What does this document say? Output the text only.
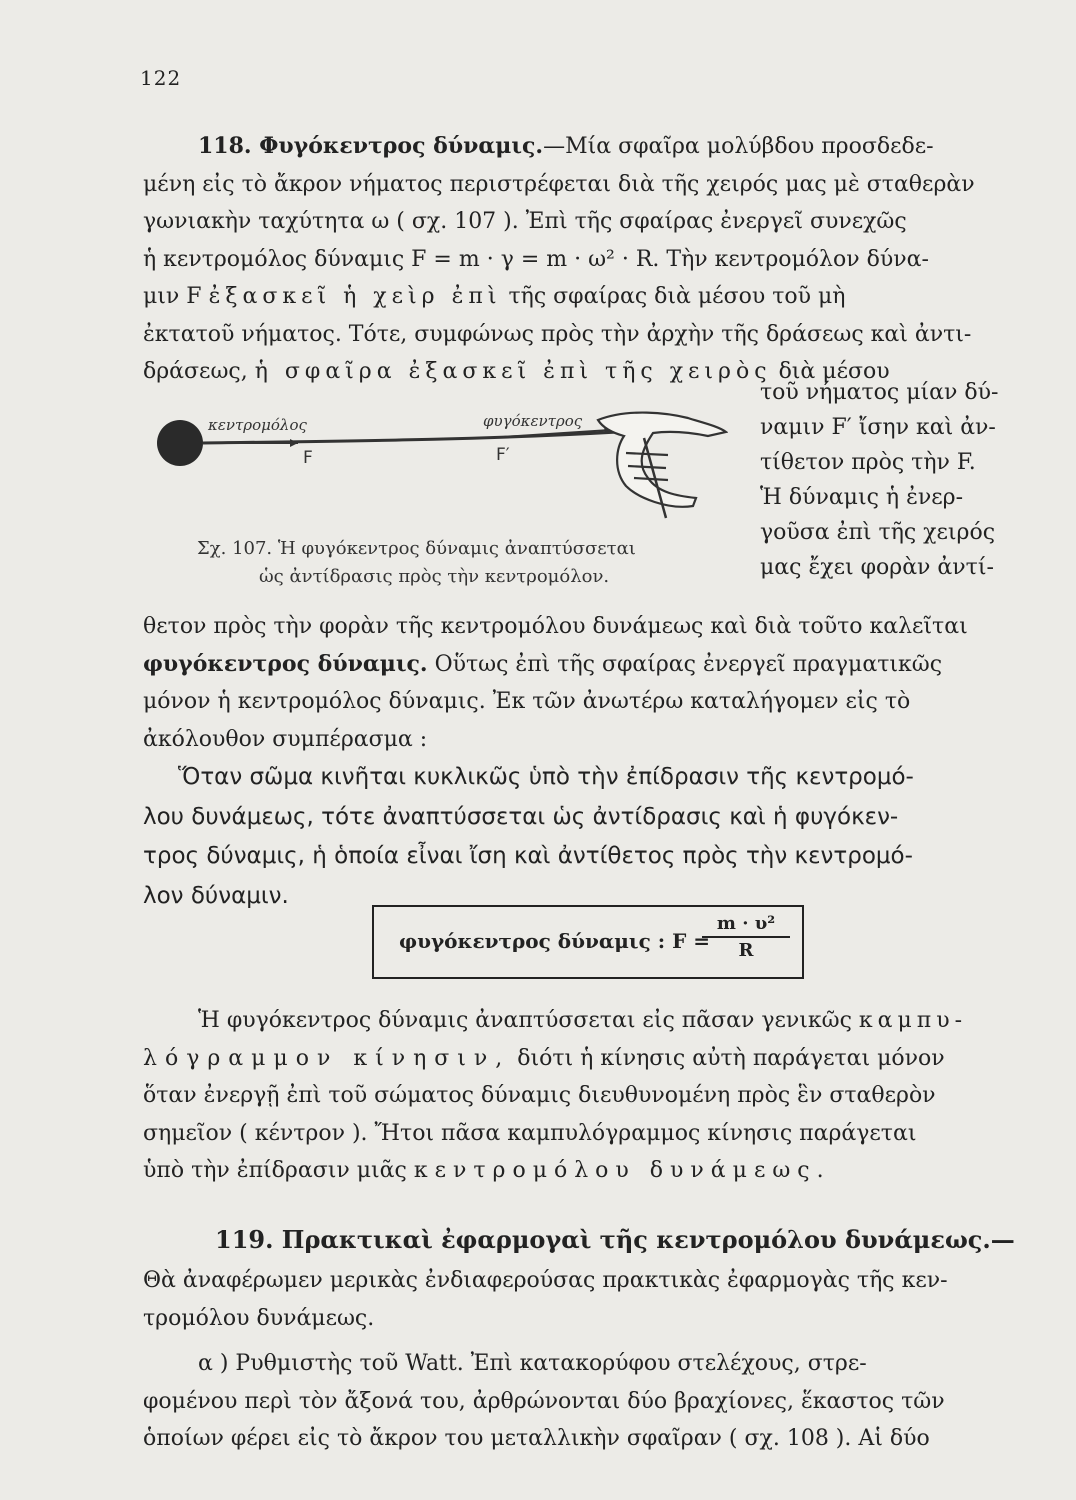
122
118. Φυγόκεντρος δύναμις.—Μία σφαῖρα μολύβδου προσδεδε-
μένη εἰς τὸ ἄκρον νήματος περιστρέφεται διὰ τῆς χειρός μας μὲ σταθερὰν
γωνιακὴν ταχύτητα ω ( σχ. 107 ). Ἐπὶ τῆς σφαίρας ἐνεργεῖ συνεχῶς
ἡ κεντρομόλος δύναμις F = m · γ = m · ω² · R. Τὴν κεντρομόλον δύνα-
μιν F ἐξασκεῖ ἡ χεὶρ ἐπὶ τῆς σφαίρας διὰ μέσου τοῦ μὴ
ἐκτατοῦ νήματος. Τότε, συμφώνως πρὸς τὴν ἀρχὴν τῆς δράσεως καὶ ἀντι-
δράσεως, ἡ σφαῖρα ἐξασκεῖ ἐπὶ τῆς χειρὸς διὰ μέσου
κεντρομόλος	φυγόκεντρος
F	F′
τοῦ νήματος μίαν δύ-
ναμιν F′ ἴσην καὶ ἀν-
τίθετον πρὸς τὴν F.
Ἡ δύναμις ἡ ἐνερ-
γοῦσα ἐπὶ τῆς χειρός
μας ἔχει φορὰν ἀντί-
Σχ. 107. Ἡ φυγόκεντρος δύναμις ἀναπτύσσεται
ὡς ἀντίδρασις πρὸς τὴν κεντρομόλον.
θετον πρὸς τὴν φορὰν τῆς κεντρομόλου δυνάμεως καὶ διὰ τοῦτο καλεῖται
φυγόκεντρος δύναμις. Οὕτως ἐπὶ τῆς σφαίρας ἐνεργεῖ πραγματικῶς
μόνον ἡ κεντρομόλος δύναμις. Ἐκ τῶν ἀνωτέρω καταλήγομεν εἰς τὸ
ἀκόλουθον συμπέρασμα :
Ὅταν σῶμα κινῆται κυκλικῶς ὑπὸ τὴν ἐπίδρασιν τῆς κεντρομό-
λου δυνάμεως, τότε ἀναπτύσσεται ὡς ἀντίδρασις καὶ ἡ φυγόκεν-
τρος δύναμις, ἡ ὁποία εἶναι ἴση καὶ ἀντίθετος πρὸς τὴν κεντρομό-
λον δύναμιν.
φυγόκεντρος δύναμις : F =
$\frac{\text{m · υ²}}{R}$
Ἡ φυγόκεντρος δύναμις ἀναπτύσσεται εἰς πᾶσαν γενικῶς καμπυ-
λόγραμμον κίνησιν, διότι ἡ κίνησις αὐτὴ παράγεται μόνον
ὅταν ἐνεργῇ ἐπὶ τοῦ σώματος δύναμις διευθυνομένη πρὸς ἓν σταθερὸν
σημεῖον ( κέντρον ). Ἤτοι πᾶσα καμπυλόγραμμος κίνησις παράγεται
ὑπὸ τὴν ἐπίδρασιν μιᾶς κεντρομόλου δυνάμεως.
119. Πρακτικαὶ ἐφαρμογαὶ τῆς κεντρομόλου δυνάμεως.—
Θὰ ἀναφέρωμεν μερικὰς ἐνδιαφερούσας πρακτικὰς ἐφαρμογὰς τῆς κεν-
τρομόλου δυνάμεως.
α ) Ρυθμιστὴς τοῦ Watt. Ἐπὶ κατακορύφου στελέχους, στρε-
φομένου περὶ τὸν ἄξονά του, ἀρθρώνονται δύο βραχίονες, ἕκαστος τῶν
ὁποίων φέρει εἰς τὸ ἄκρον του μεταλλικὴν σφαῖραν ( σχ. 108 ). Αἱ δύο
